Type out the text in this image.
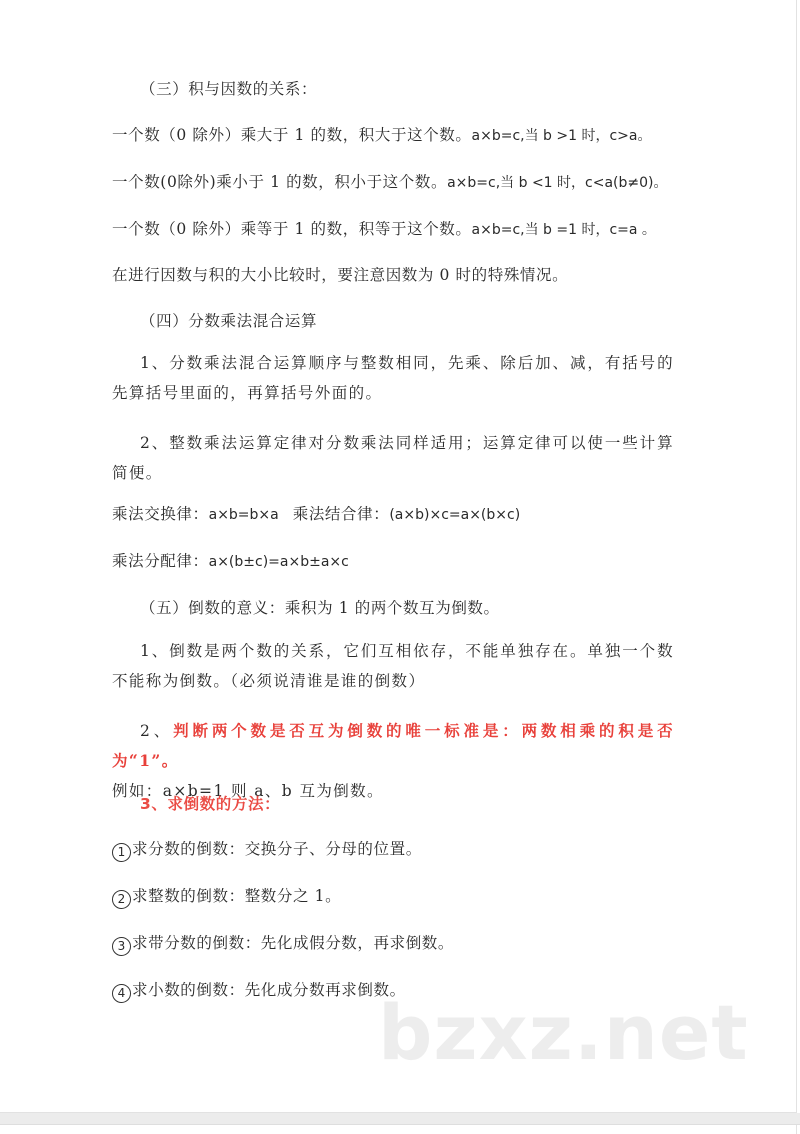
（三）积与因数的关系：
一个数（0 除外）乘大于 1 的数，积大于这个数。a×b=c,当 b >1 时，c>a。
一个数(0除外)乘小于 1 的数，积小于这个数。a×b=c,当 b <1 时，c<a(b≠0)。
一个数（0 除外）乘等于 1 的数，积等于这个数。a×b=c,当 b =1 时，c=a 。
在进行因数与积的大小比较时，要注意因数为 0 时的特殊情况。
（四）分数乘法混合运算
1、分数乘法混合运算顺序与整数相同，先乘、除后加、减，有括号的先算括号里面的，再算括号外面的。
2、整数乘法运算定律对分数乘法同样适用；运算定律可以使一些计算简便。
乘法交换律：a×b=b×a 乘法结合律：(a×b)×c=a×(b×c)
乘法分配律：a×(b±c)=a×b±a×c
（五）倒数的意义：乘积为 1 的两个数互为倒数。
1、倒数是两个数的关系，它们互相依存，不能单独存在。单独一个数不能称为倒数。（必须说清谁是谁的倒数）
2、判断两个数是否互为倒数的唯一标准是：两数相乘的积是否为“1”。
例如：a×b=1 则 a、b 互为倒数。
3、求倒数的方法：
1 求分数的倒数：交换分子、分母的位置。
2 求整数的倒数：整数分之 1。
3 求带分数的倒数：先化成假分数，再求倒数。
bzxz.net
4 求小数的倒数：先化成分数再求倒数。
